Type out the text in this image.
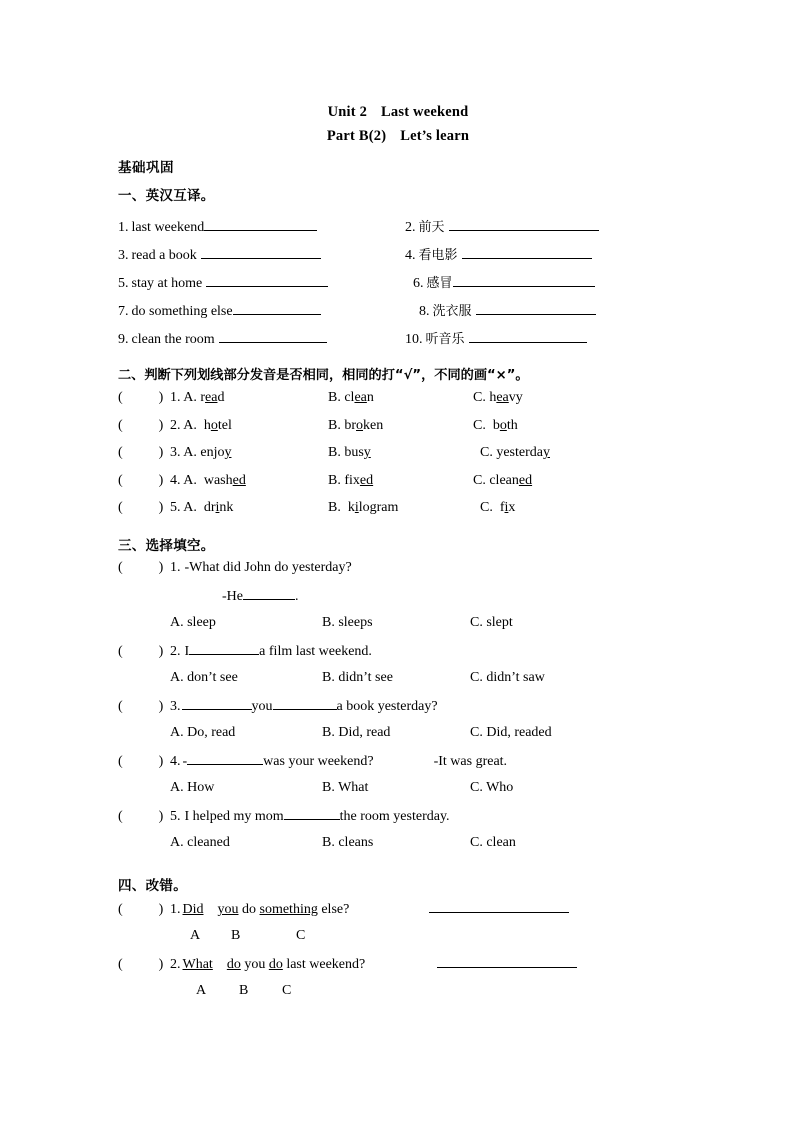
Unit 2 Last weekend
Part B(2) Let’s learn
基础巩固
一、英汉互译。
1. last weekend	2. 前天
3. read a book	4. 看电影
5. stay at home	6. 感冒
7. do something else	8. 洗衣服
9. clean the room	10. 听音乐
二、判断下列划线部分发音是否相同，相同的打“√”，不同的画“×”。
(	) 1. A. read	B. clean	C. heavy
(	) 2. A. hotel	B. broken	C. both
(	) 3. A. enjoy	B. busy	C. yesterday
(	) 4. A. washed	B. fixed	C. cleaned
(	) 5. A. drink	B. kilogram	C. fix
三、选择填空。
(	) 1. -What did John do yesterday?
-He	.
A. sleep	B. sleeps	C. slept
(	) 2. I	a film last weekend.
A. don’t see	B. didn’t see	C. didn’t saw
(	) 3.	you	a book yesterday?
A. Do, read	B. Did, read	C. Did, readed
(	) 4. -	was your weekend?	-It was great.
A. How	B. What	C. Who
(	) 5. I helped my mom	the room yesterday.
A. cleaned	B. cleans	C. clean
四、改错。
(	) 1. Did you do something else?
A	B	C
(	) 2. What do you do last weekend?
A	B	C
